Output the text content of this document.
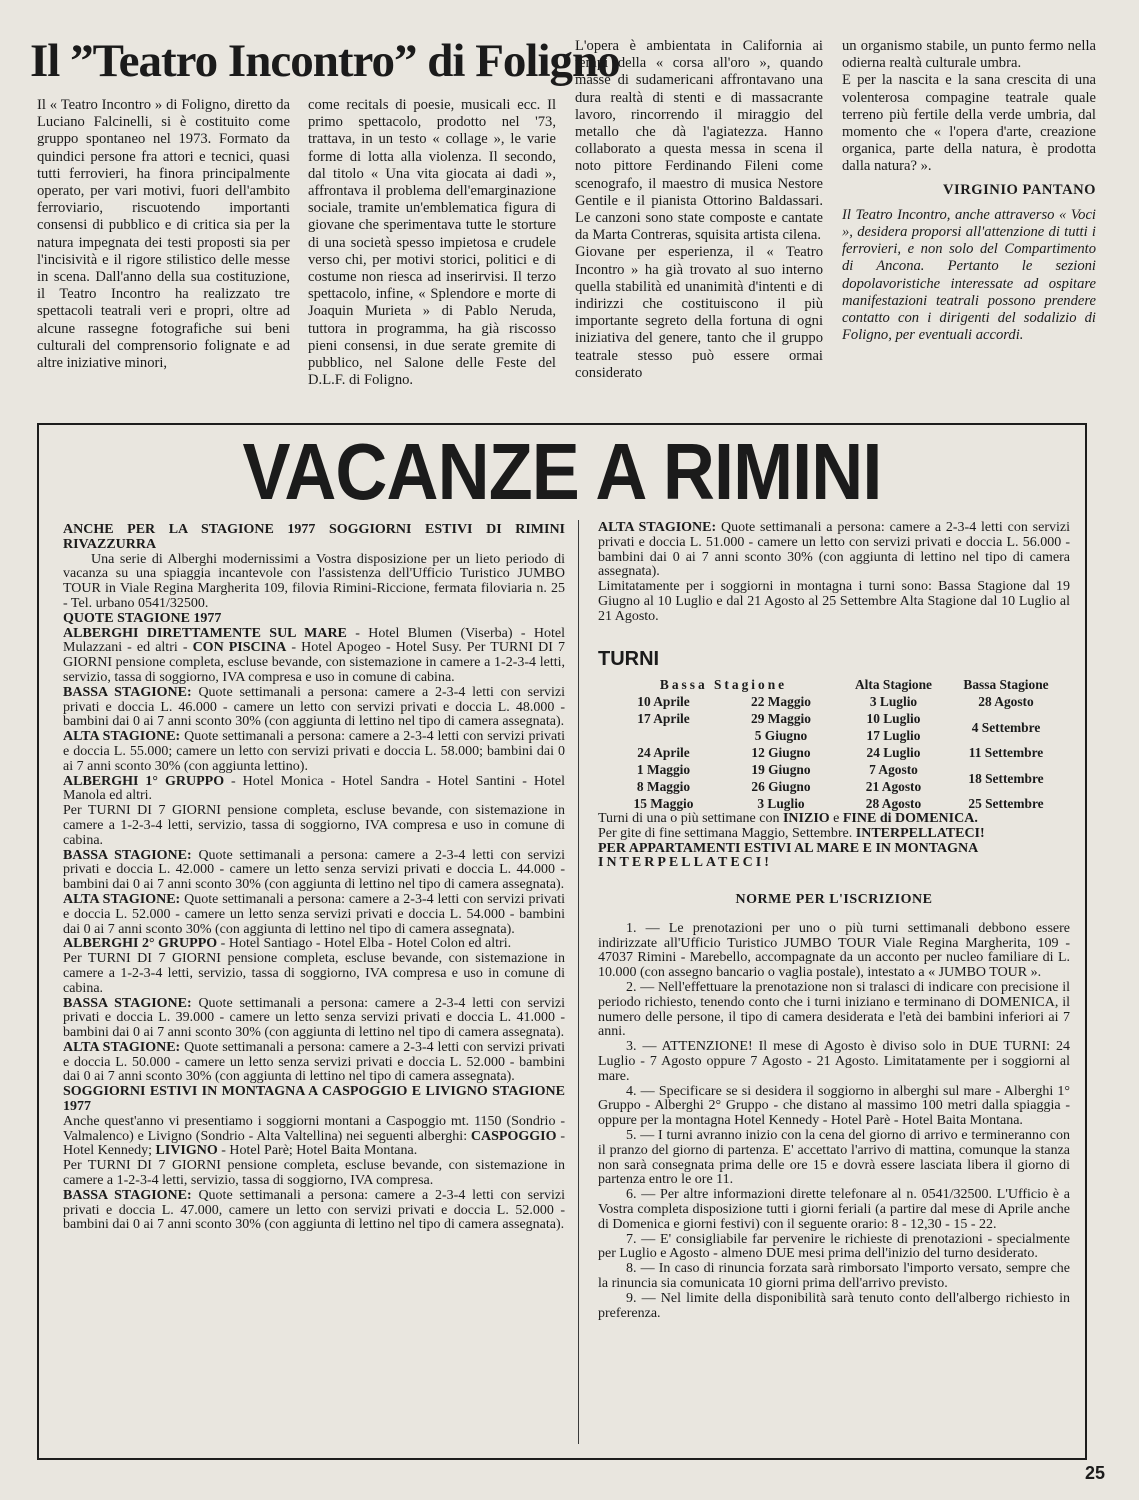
Il ”Teatro Incontro” di Foligno

Il « Teatro Incontro » di Foligno, diretto da Luciano Falcinelli, si è costituito come gruppo spontaneo nel 1973. Formato da quindici persone fra attori e tecnici, quasi tutti ferrovieri, ha finora principalmente operato, per vari motivi, fuori dell'ambito ferroviario, riscuotendo importanti consensi di pubblico e di critica sia per la natura impegnata dei testi proposti sia per l'incisività e il rigore stilistico delle messe in scena. Dall'anno della sua costituzione, il Teatro Incontro ha realizzato tre spettacoli teatrali veri e propri, oltre ad alcune rassegne fotografiche sui beni culturali del comprensorio folignate e ad altre iniziative minori,

come recitals di poesie, musicali ecc. Il primo spettacolo, prodotto nel '73, trattava, in un testo « collage », le varie forme di lotta alla violenza. Il secondo, dal titolo « Una vita giocata ai dadi », affrontava il problema dell'emarginazione sociale, tramite un'emblematica figura di giovane che sperimentava tutte le storture di una società spesso impietosa e crudele verso chi, per motivi storici, politici e di costume non riesca ad inserirvisi. Il terzo spettacolo, infine, « Splendore e morte di Joaquin Murieta » di Pablo Neruda, tuttora in programma, ha già riscosso pieni consensi, in due serate gremite di pubblico, nel Salone delle Feste del D.L.F. di Foligno.

L'opera è ambientata in California ai tempi della « corsa all'oro », quando masse di sudamericani affrontavano una dura realtà di stenti e di massacrante lavoro, rincorrendo il miraggio del metallo che dà l'agiatezza. Hanno collaborato a questa messa in scena il noto pittore Ferdinando Fileni come scenografo, il maestro di musica Nestore Gentile e il pianista Ottorino Baldassari. Le canzoni sono state composte e cantate da Marta Contreras, squisita artista cilena.

Giovane per esperienza, il « Teatro Incontro » ha già trovato al suo interno quella stabilità ed unanimità d'intenti e di indirizzi che costituiscono il più importante segreto della fortuna di ogni iniziativa del genere, tanto che il gruppo teatrale stesso può essere ormai considerato

un organismo stabile, un punto fermo nella odierna realtà culturale umbra.

E per la nascita e la sana crescita di una volenterosa compagine teatrale quale terreno più fertile della verde umbria, dal momento che « l'opera d'arte, creazione organica, parte della natura, è prodotta dalla natura? ».

VIRGINIO PANTANO

Il Teatro Incontro, anche attraverso « Voci », desidera proporsi all'attenzione di tutti i ferrovieri, e non solo del Compartimento di Ancona. Pertanto le sezioni dopolavoristiche interessate ad ospitare manifestazioni teatrali possono prendere contatto con i dirigenti del sodalizio di Foligno, per eventuali accordi.

VACANZE A RIMINI

ANCHE PER LA STAGIONE 1977 SOGGIORNI ESTIVI DI RIMINI RIVAZZURRA

Una serie di Alberghi modernissimi a Vostra disposizione per un lieto periodo di vacanza su una spiaggia incantevole con l'assistenza dell'Ufficio Turistico JUMBO TOUR in Viale Regina Margherita 109, filovia Rimini-Riccione, fermata filoviaria n. 25 - Tel. urbano 0541/32500.

QUOTE STAGIONE 1977

ALBERGHI DIRETTAMENTE SUL MARE - Hotel Blumen (Viserba) - Hotel Mulazzani - ed altri - CON PISCINA - Hotel Apogeo - Hotel Susy. Per TURNI DI 7 GIORNI pensione completa, escluse bevande, con sistemazione in camere a 1-2-3-4 letti, servizio, tassa di soggiorno, IVA compresa e uso in comune di cabina.

BASSA STAGIONE: Quote settimanali a persona: camere a 2-3-4 letti con servizi privati e doccia L. 46.000 - camere un letto con servizi privati e doccia L. 48.000 - bambini dai 0 ai 7 anni sconto 30% (con aggiunta di lettino nel tipo di camera assegnata).

ALTA STAGIONE: Quote settimanali a persona: camere a 2-3-4 letti con servizi privati e doccia L. 55.000; camere un letto con servizi privati e doccia L. 58.000; bambini dai 0 ai 7 anni sconto 30% (con aggiunta lettino).

ALBERGHI 1° GRUPPO - Hotel Monica - Hotel Sandra - Hotel Santini - Hotel Manola ed altri.

Per TURNI DI 7 GIORNI pensione completa, escluse bevande, con sistemazione in camere a 1-2-3-4 letti, servizio, tassa di soggiorno, IVA compresa e uso in comune di cabina.

BASSA STAGIONE: Quote settimanali a persona: camere a 2-3-4 letti con servizi privati e doccia L. 42.000 - camere un letto senza servizi privati e doccia L. 44.000 - bambini dai 0 ai 7 anni sconto 30% (con aggiunta di lettino nel tipo di camera assegnata).

ALTA STAGIONE: Quote settimanali a persona: camere a 2-3-4 letti con servizi privati e doccia L. 52.000 - camere un letto senza servizi privati e doccia L. 54.000 - bambini dai 0 ai 7 anni sconto 30% (con aggiunta di lettino nel tipo di camera assegnata).

ALBERGHI 2° GRUPPO - Hotel Santiago - Hotel Elba - Hotel Colon ed altri.

Per TURNI DI 7 GIORNI pensione completa, escluse bevande, con sistemazione in camere a 1-2-3-4 letti, servizio, tassa di soggiorno, IVA compresa e uso in comune di cabina.

BASSA STAGIONE: Quote settimanali a persona: camere a 2-3-4 letti con servizi privati e doccia L. 39.000 - camere un letto senza servizi privati e doccia L. 41.000 - bambini dai 0 ai 7 anni sconto 30% (con aggiunta di lettino nel tipo di camera assegnata).

ALTA STAGIONE: Quote settimanali a persona: camere a 2-3-4 letti con servizi privati e doccia L. 50.000 - camere un letto senza servizi privati e doccia L. 52.000 - bambini dai 0 ai 7 anni sconto 30% (con aggiunta di lettino nel tipo di camera assegnata).

SOGGIORNI ESTIVI IN MONTAGNA A CASPOGGIO E LIVIGNO STAGIONE 1977

Anche quest'anno vi presentiamo i soggiorni montani a Caspoggio mt. 1150 (Sondrio - Valmalenco) e Livigno (Sondrio - Alta Valtellina) nei seguenti alberghi: CASPOGGIO - Hotel Kennedy; LIVIGNO - Hotel Parè; Hotel Baita Montana.

Per TURNI DI 7 GIORNI pensione completa, escluse bevande, con sistemazione in camere a 1-2-3-4 letti, servizio, tassa di soggiorno, IVA compresa.

BASSA STAGIONE: Quote settimanali a persona: camere a 2-3-4 letti con servizi privati e doccia L. 47.000, camere un letto con servizi privati e doccia L. 52.000 - bambini dai 0 ai 7 anni sconto 30% (con aggiunta di lettino nel tipo di camera assegnata).

ALTA STAGIONE: Quote settimanali a persona: camere a 2-3-4 letti con servizi privati e doccia L. 51.000 - camere un letto con servizi privati e doccia L. 56.000 - bambini dai 0 ai 7 anni sconto 30% (con aggiunta di lettino nel tipo di camera assegnata).

Limitatamente per i soggiorni in montagna i turni sono: Bassa Stagione dal 19 Giugno al 10 Luglio e dal 21 Agosto al 25 Settembre Alta Stagione dal 10 Luglio al 21 Agosto.

TURNI
Bassa Stagione		Alta Stagione	Bassa Stagione
10 Aprile	22 Maggio	3 Luglio	28 Agosto
17 Aprile	29 Maggio	10 Luglio	4 Settembre
	5 Giugno	17 Luglio	
24 Aprile	12 Giugno	24 Luglio	11 Settembre
1 Maggio	19 Giugno	7 Agosto	18 Settembre
8 Maggio	26 Giugno	21 Agosto	
15 Maggio	3 Luglio	28 Agosto	25 Settembre

Turni di una o più settimane con INIZIO e FINE di DOMENICA.

Per gite di fine settimana Maggio, Settembre. INTERPELLATECI!

PER APPARTAMENTI ESTIVI AL MARE E IN MONTAGNA

INTERPELLATECI!

NORME PER L'ISCRIZIONE

1. — Le prenotazioni per uno o più turni settimanali debbono essere indirizzate all'Ufficio Turistico JUMBO TOUR Viale Regina Margherita, 109 - 47037 Rimini - Marebello, accompagnate da un acconto per nucleo familiare di L. 10.000 (con assegno bancario o vaglia postale), intestato a « JUMBO TOUR ».

2. — Nell'effettuare la prenotazione non si tralasci di indicare con precisione il periodo richiesto, tenendo conto che i turni iniziano e terminano di DOMENICA, il numero delle persone, il tipo di camera desiderata e l'età dei bambini inferiori ai 7 anni.

3. — ATTENZIONE! Il mese di Agosto è diviso solo in DUE TURNI: 24 Luglio - 7 Agosto oppure 7 Agosto - 21 Agosto. Limitatamente per i soggiorni al mare.

4. — Specificare se si desidera il soggiorno in alberghi sul mare - Alberghi 1° Gruppo - Alberghi 2° Gruppo - che distano al massimo 100 metri dalla spiaggia - oppure per la montagna Hotel Kennedy - Hotel Parè - Hotel Baita Montana.

5. — I turni avranno inizio con la cena del giorno di arrivo e termineranno con il pranzo del giorno di partenza. E' accettato l'arrivo di mattina, comunque la stanza non sarà consegnata prima delle ore 15 e dovrà essere lasciata libera il giorno di partenza entro le ore 11.

6. — Per altre informazioni dirette telefonare al n. 0541/32500. L'Ufficio è a Vostra completa disposizione tutti i giorni feriali (a partire dal mese di Aprile anche di Domenica e giorni festivi) con il seguente orario: 8 - 12,30 - 15 - 22.

7. — E' consigliabile far pervenire le richieste di prenotazioni - specialmente per Luglio e Agosto - almeno DUE mesi prima dell'inizio del turno desiderato.

8. — In caso di rinuncia forzata sarà rimborsato l'importo versato, sempre che la rinuncia sia comunicata 10 giorni prima dell'arrivo previsto.

9. — Nel limite della disponibilità sarà tenuto conto dell'albergo richiesto in preferenza.

25
